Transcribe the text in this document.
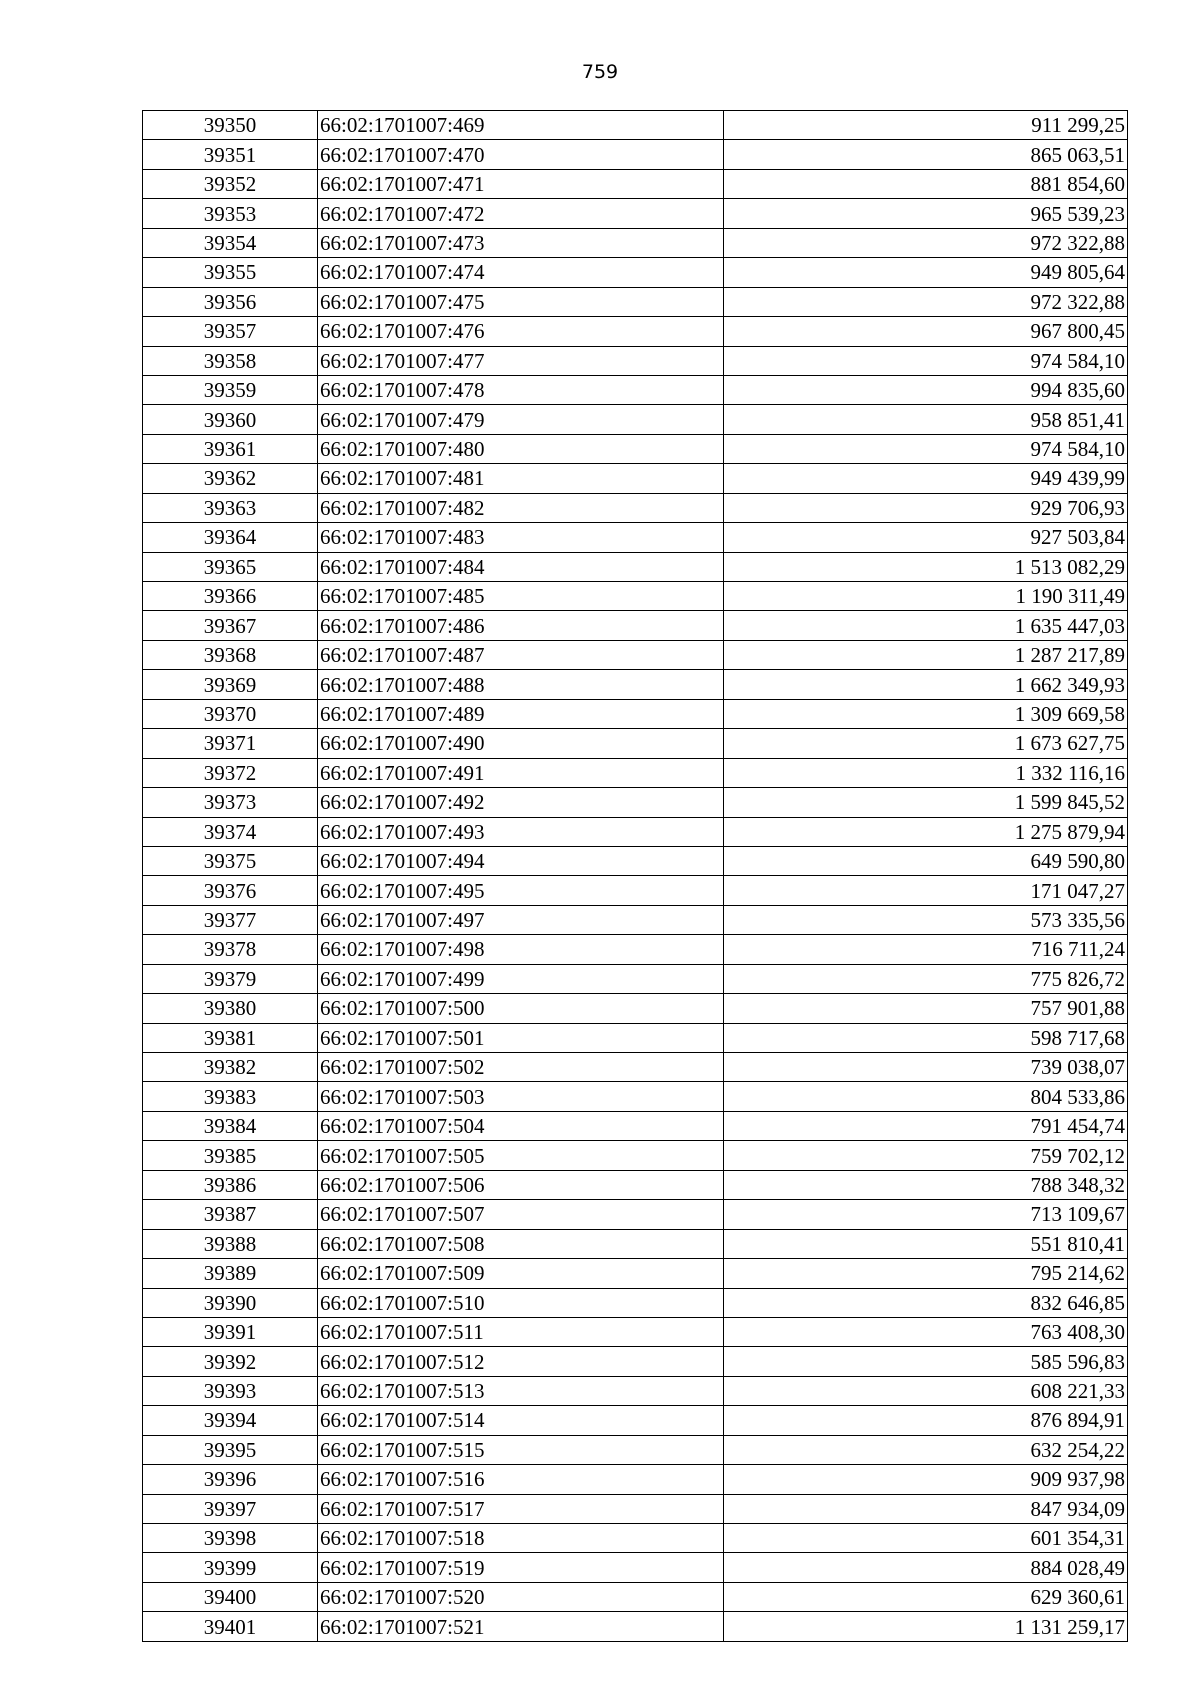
759
39350	66:02:1701007:469	911 299,25
39351	66:02:1701007:470	865 063,51
39352	66:02:1701007:471	881 854,60
39353	66:02:1701007:472	965 539,23
39354	66:02:1701007:473	972 322,88
39355	66:02:1701007:474	949 805,64
39356	66:02:1701007:475	972 322,88
39357	66:02:1701007:476	967 800,45
39358	66:02:1701007:477	974 584,10
39359	66:02:1701007:478	994 835,60
39360	66:02:1701007:479	958 851,41
39361	66:02:1701007:480	974 584,10
39362	66:02:1701007:481	949 439,99
39363	66:02:1701007:482	929 706,93
39364	66:02:1701007:483	927 503,84
39365	66:02:1701007:484	1 513 082,29
39366	66:02:1701007:485	1 190 311,49
39367	66:02:1701007:486	1 635 447,03
39368	66:02:1701007:487	1 287 217,89
39369	66:02:1701007:488	1 662 349,93
39370	66:02:1701007:489	1 309 669,58
39371	66:02:1701007:490	1 673 627,75
39372	66:02:1701007:491	1 332 116,16
39373	66:02:1701007:492	1 599 845,52
39374	66:02:1701007:493	1 275 879,94
39375	66:02:1701007:494	649 590,80
39376	66:02:1701007:495	171 047,27
39377	66:02:1701007:497	573 335,56
39378	66:02:1701007:498	716 711,24
39379	66:02:1701007:499	775 826,72
39380	66:02:1701007:500	757 901,88
39381	66:02:1701007:501	598 717,68
39382	66:02:1701007:502	739 038,07
39383	66:02:1701007:503	804 533,86
39384	66:02:1701007:504	791 454,74
39385	66:02:1701007:505	759 702,12
39386	66:02:1701007:506	788 348,32
39387	66:02:1701007:507	713 109,67
39388	66:02:1701007:508	551 810,41
39389	66:02:1701007:509	795 214,62
39390	66:02:1701007:510	832 646,85
39391	66:02:1701007:511	763 408,30
39392	66:02:1701007:512	585 596,83
39393	66:02:1701007:513	608 221,33
39394	66:02:1701007:514	876 894,91
39395	66:02:1701007:515	632 254,22
39396	66:02:1701007:516	909 937,98
39397	66:02:1701007:517	847 934,09
39398	66:02:1701007:518	601 354,31
39399	66:02:1701007:519	884 028,49
39400	66:02:1701007:520	629 360,61
39401	66:02:1701007:521	1 131 259,17
